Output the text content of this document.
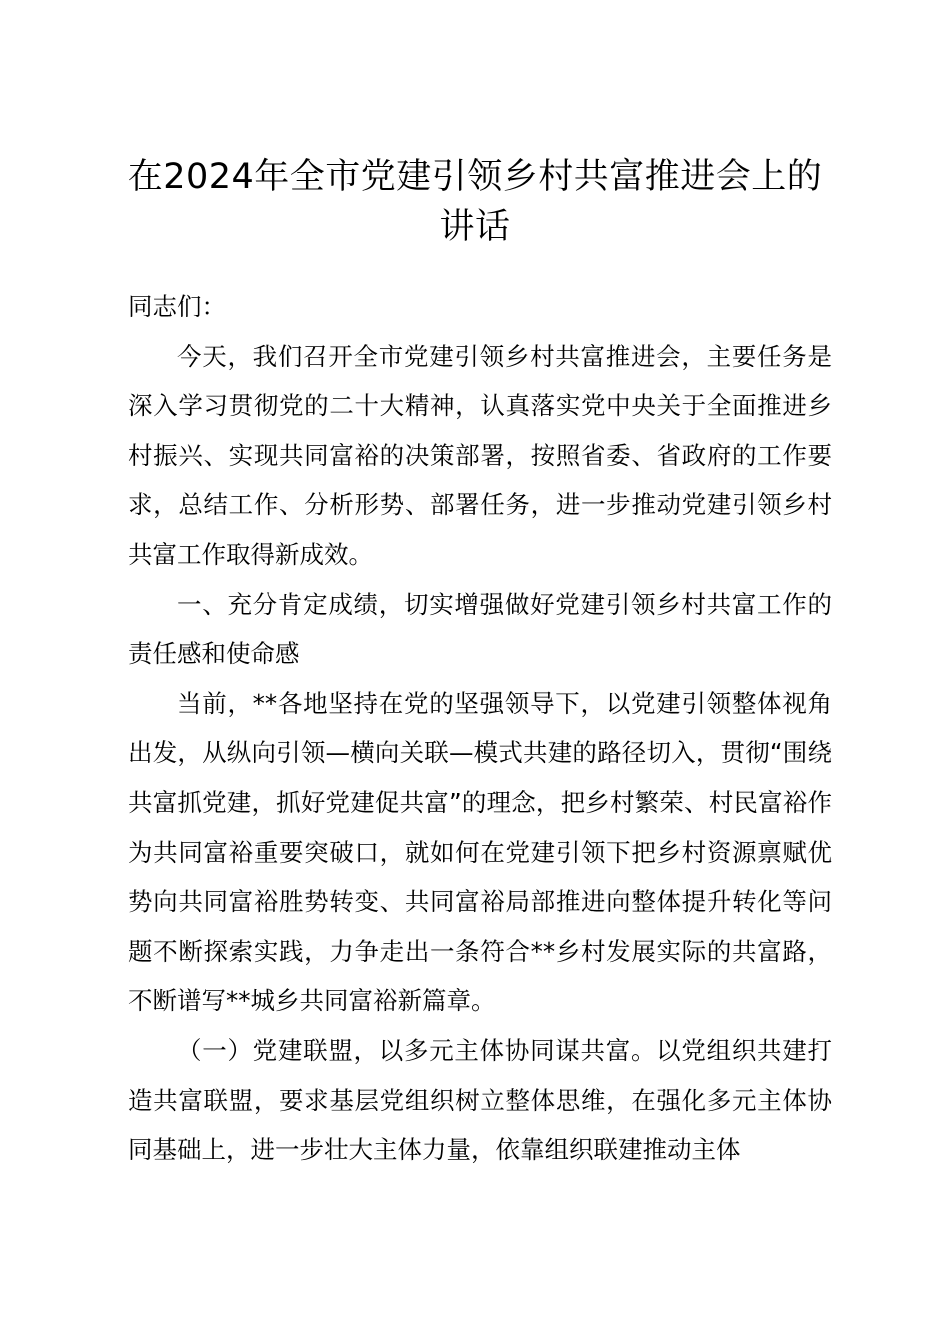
在2024年全市党建引领乡村共富推进会上的
讲话

同志们：

今天，我们召开全市党建引领乡村共富推进会，主要任务是深入学习贯彻党的二十大精神，认真落实党中央关于全面推进乡村振兴、实现共同富裕的决策部署，按照省委、省政府的工作要求，总结工作、分析形势、部署任务，进一步推动党建引领乡村共富工作取得新成效。

一、充分肯定成绩，切实增强做好党建引领乡村共富工作的责任感和使命感

当前，**各地坚持在党的坚强领导下，以党建引领整体视角出发，从纵向引领—横向关联—模式共建的路径切入，贯彻“围绕共富抓党建，抓好党建促共富”的理念，把乡村繁荣、村民富裕作为共同富裕重要突破口，就如何在党建引领下把乡村资源禀赋优势向共同富裕胜势转变、共同富裕局部推进向整体提升转化等问题不断探索实践，力争走出一条符合**乡村发展实际的共富路，不断谱写**城乡共同富裕新篇章。

（一）党建联盟，以多元主体协同谋共富。以党组织共建打造共富联盟，要求基层党组织树立整体思维，在强化多元主体协同基础上，进一步壮大主体力量，依靠组织联建推动主体
